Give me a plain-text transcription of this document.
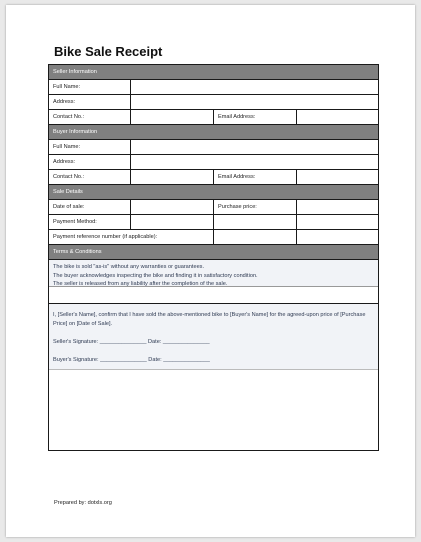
Bike Sale Receipt
Seller Information
Full Name:
Address:
Contact No.:	Email Address:
Buyer Information
Full Name:
Address:
Contact No.:	Email Address:
Sale Details
Date of sale:	Purchase price:
Payment Method:
Payment reference number (if applicable):
Terms & Conditions
The bike is sold "as-is" without any warranties or guarantees.
The buyer acknowledges inspecting the bike and finding it in satisfactory condition.
The seller is released from any liability after the completion of the sale.

I, [Seller's Name], confirm that I have sold the above-mentioned bike to [Buyer's Name] for the agreed-upon price of [Purchase Price] on [Date of Sale].

Seller's Signature: _______________ Date: _______________

Buyer's Signature: _______________ Date: _______________

Prepared by: dotxls.org
